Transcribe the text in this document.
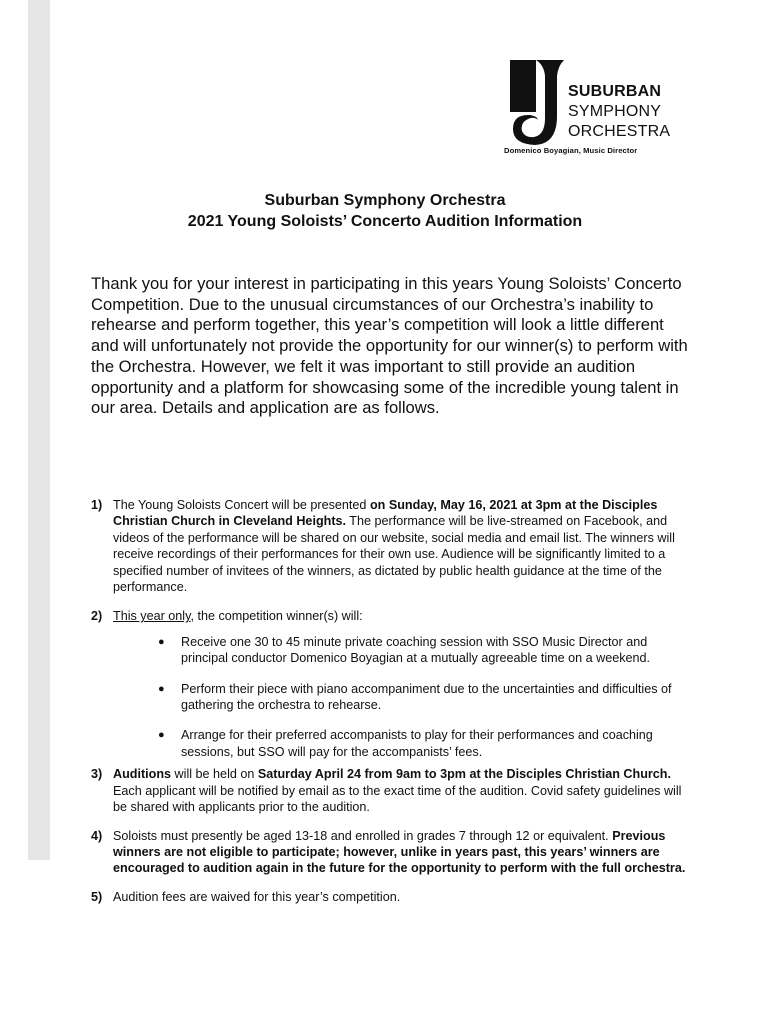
SUBURBAN
SYMPHONY
ORCHESTRA
Domenico Boyagian, Music Director
Suburban Symphony Orchestra
2021 Young Soloists’ Concerto Audition Information

Thank you for your interest in participating in this years Young Soloists’ Concerto Competition. Due to the unusual circumstances of our Orchestra’s inability to rehearse and perform together, this year’s competition will look a little different and will unfortunately not provide the opportunity for our winner(s) to perform with the Orchestra. However, we felt it was important to still provide an audition opportunity and a platform for showcasing some of the incredible young talent in our area. Details and application are as follows.

1) The Young Soloists Concert will be presented on Sunday, May 16, 2021 at 3pm at the Disciples Christian Church in Cleveland Heights. The performance will be live-streamed on Facebook, and videos of the performance will be shared on our website, social media and email list. The winners will receive recordings of their performances for their own use. Audience will be significantly limited to a specified number of invitees of the winners, as dictated by public health guidance at the time of the performance.

2) This year only, the competition winner(s) will:

● Receive one 30 to 45 minute private coaching session with SSO Music Director and principal conductor Domenico Boyagian at a mutually agreeable time on a weekend.
● Perform their piece with piano accompaniment due to the uncertainties and difficulties of gathering the orchestra to rehearse.
● Arrange for their preferred accompanists to play for their performances and coaching sessions, but SSO will pay for the accompanists’ fees.
3) Auditions will be held on Saturday April 24 from 9am to 3pm at the Disciples Christian Church. Each applicant will be notified by email as to the exact time of the audition. Covid safety guidelines will be shared with applicants prior to the audition.

4) Soloists must presently be aged 13-18 and enrolled in grades 7 through 12 or equivalent. Previous winners are not eligible to participate; however, unlike in years past, this years’ winners are encouraged to audition again in the future for the opportunity to perform with the full orchestra.

5) Audition fees are waived for this year’s competition.
